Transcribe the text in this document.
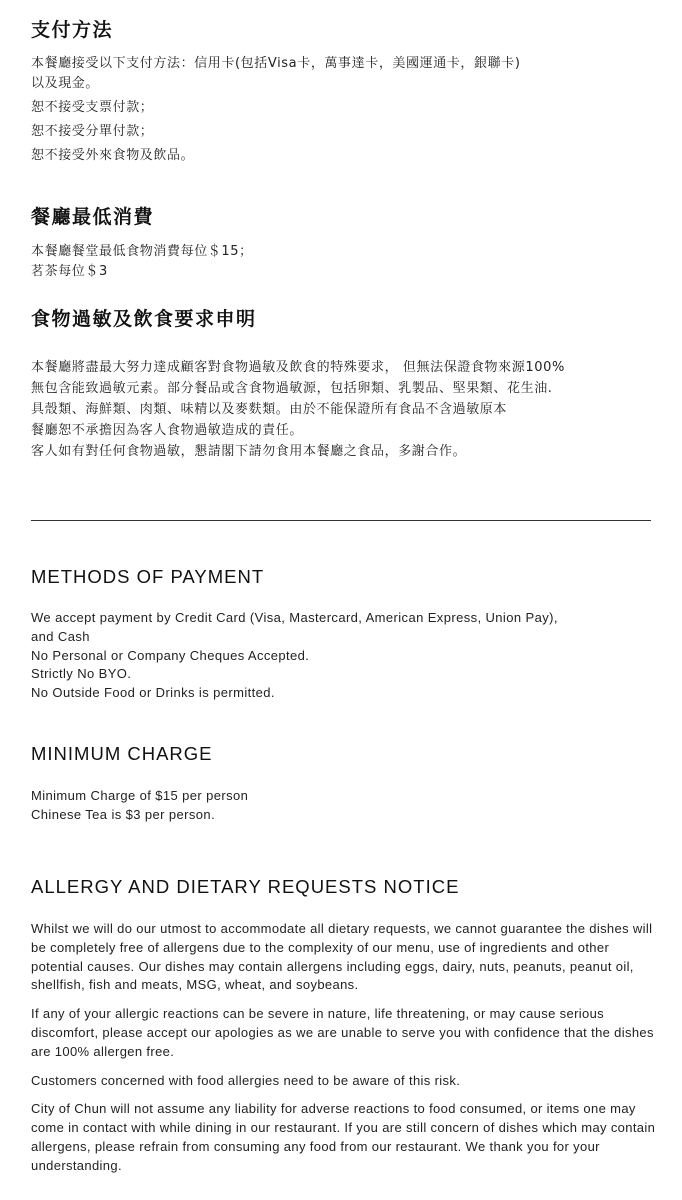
支付方法

本餐廳接受以下支付方法：信用卡(包括Visa卡，萬事達卡，美國運通卡，銀聯卡)

以及現金。

恕不接受支票付款；

恕不接受分單付款；

恕不接受外來食物及飲品。

餐廳最低消費

本餐廳餐堂最低食物消費每位＄15；

茗茶每位＄3

食物過敏及飲食要求申明

本餐廳將盡最大努力達成顧客對食物過敏及飲食的特殊要求， 但無法保證食物來源100%

無包含能致過敏元素。部分餐品或含食物過敏源，包括卵類、乳製品、堅果類、花生油.

具殼類、海鮮類、肉類、味精以及麥麩類。由於不能保證所有食品不含過敏原本

餐廳恕不承擔因為客人食物過敏造成的責任。

客人如有對任何食物過敏，懇請閣下請勿食用本餐廳之食品，多謝合作。

METHODS OF PAYMENT

We accept payment by Credit Card (Visa, Mastercard, American Express, Union Pay),

and Cash

No Personal or Company Cheques Accepted.

Strictly No BYO.

No Outside Food or Drinks is permitted.

MINIMUM CHARGE

Minimum Charge of $15 per person

Chinese Tea is $3 per person.

ALLERGY AND DIETARY REQUESTS NOTICE

Whilst we will do our utmost to accommodate all dietary requests, we cannot guarantee the dishes will be completely free of allergens due to the complexity of our menu, use of ingredients and other potential causes. Our dishes may contain allergens including eggs, dairy, nuts, peanuts, peanut oil, shellfish, fish and meats, MSG, wheat, and soybeans.

If any of your allergic reactions can be severe in nature, life threatening, or may cause serious discomfort, please accept our apologies as we are unable to serve you with confidence that the dishes are 100% allergen free.

Customers concerned with food allergies need to be aware of this risk.

City of Chun will not assume any liability for adverse reactions to food consumed, or items one may come in contact with while dining in our restaurant. If you are still concern of dishes which may contain allergens, please refrain from consuming any food from our restaurant. We thank you for your understanding.
